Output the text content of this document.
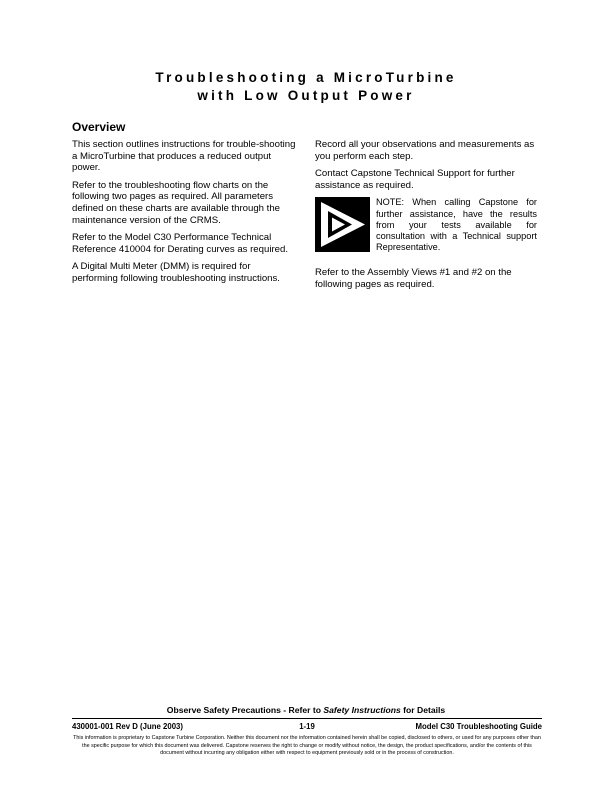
Troubleshooting a MicroTurbine
with Low Output Power
Overview

This section outlines instructions for trouble-shooting a MicroTurbine that produces a reduced output power.

Refer to the troubleshooting flow charts on the following two pages as required. All parameters defined on these charts are available through the maintenance version of the CRMS.

Refer to the Model C30 Performance Technical Reference 410004 for Derating curves as required.

A Digital Multi Meter (DMM) is required for performing following troubleshooting instructions.

Record all your observations and measurements as you perform each step.

Contact Capstone Technical Support for further assistance as required.

NOTE: When calling Capstone for further assistance, have the results from your tests available for consultation with a Technical support Representative.

Refer to the Assembly Views #1 and #2 on the following pages as required.

Observe Safety Precautions - Refer to Safety Instructions for Details
430001-001 Rev D (June 2003)	1-19	Model C30 Troubleshooting Guide
This information is proprietary to Capstone Turbine Corporation. Neither this document nor the information contained herein shall be copied, disclosed to others, or used for any purposes other than the specific purpose for which this document was delivered. Capstone reserves the right to change or modify without notice, the design, the product specifications, and/or the contents of this document without incurring any obligation either with respect to equipment previously sold or in the process of construction.
